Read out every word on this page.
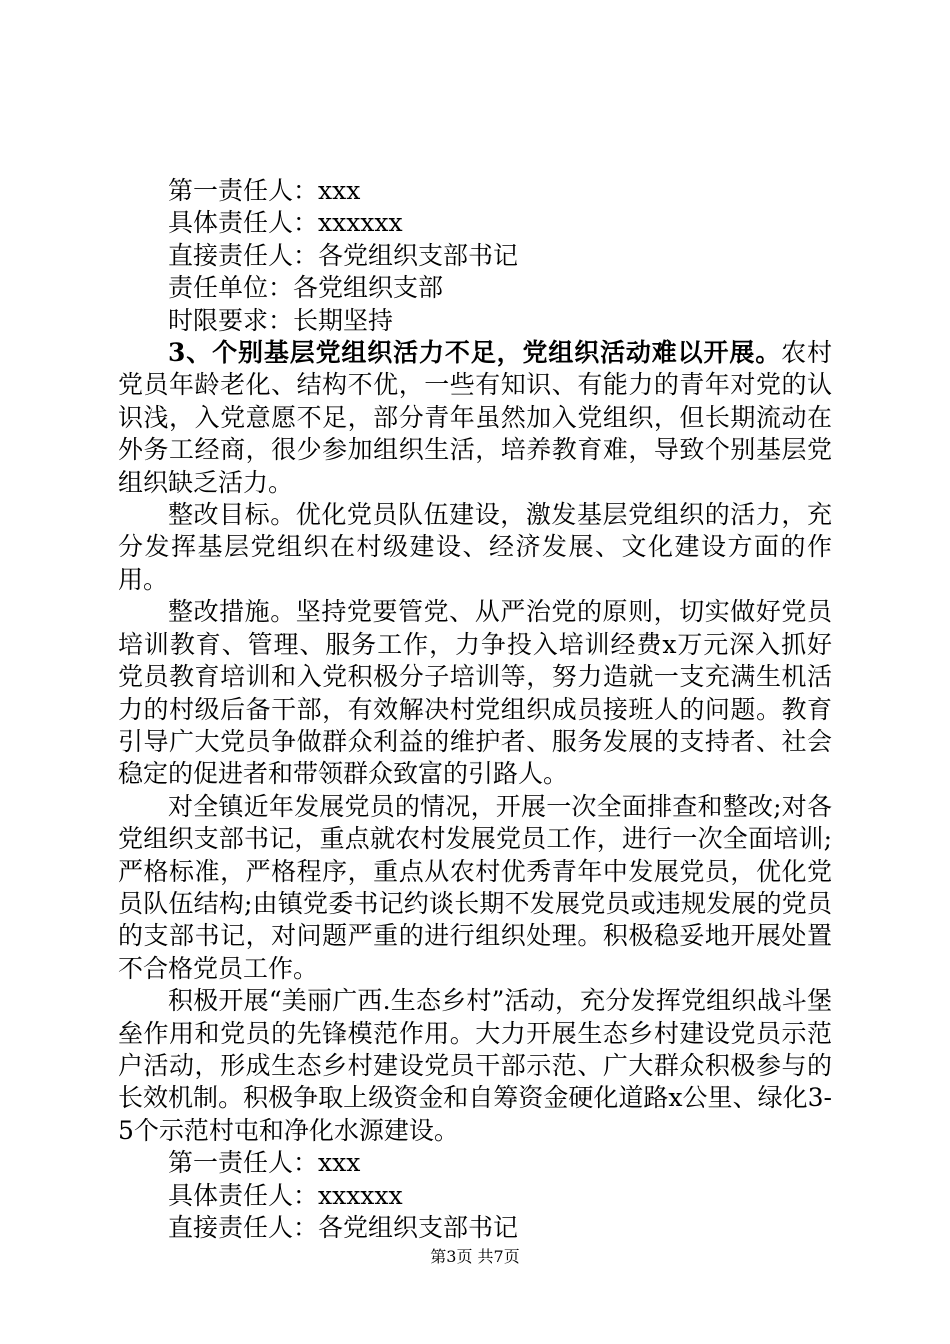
第一责任人：xxx

具体责任人：xxxxxx

直接责任人：各党组织支部书记

责任单位：各党组织支部

时限要求：长期坚持

3、个别基层党组织活力不足，党组织活动难以开展。农村党员年龄老化、结构不优，一些有知识、有能力的青年对党的认识浅，入党意愿不足，部分青年虽然加入党组织，但长期流动在外务工经商，很少参加组织生活，培养教育难，导致个别基层党组织缺乏活力。

整改目标。优化党员队伍建设，激发基层党组织的活力，充分发挥基层党组织在村级建设、经济发展、文化建设方面的作用。

整改措施。坚持党要管党、从严治党的原则，切实做好党员培训教育、管理、服务工作，力争投入培训经费x万元深入抓好党员教育培训和入党积极分子培训等，努力造就一支充满生机活力的村级后备干部，有效解决村党组织成员接班人的问题。教育引导广大党员争做群众利益的维护者、服务发展的支持者、社会稳定的促进者和带领群众致富的引路人。

对全镇近年发展党员的情况，开展一次全面排查和整改;对各党组织支部书记，重点就农村发展党员工作，进行一次全面培训;严格标准，严格程序，重点从农村优秀青年中发展党员，优化党员队伍结构;由镇党委书记约谈长期不发展党员或违规发展的党员的支部书记，对问题严重的进行组织处理。积极稳妥地开展处置不合格党员工作。

积极开展“美丽广西.生态乡村”活动，充分发挥党组织战斗堡垒作用和党员的先锋模范作用。大力开展生态乡村建设党员示范户活动，形成生态乡村建设党员干部示范、广大群众积极参与的长效机制。积极争取上级资金和自筹资金硬化道路x公里、绿化3-5个示范村屯和净化水源建设。

第一责任人：xxx

具体责任人：xxxxxx

直接责任人：各党组织支部书记

第3页 共7页
